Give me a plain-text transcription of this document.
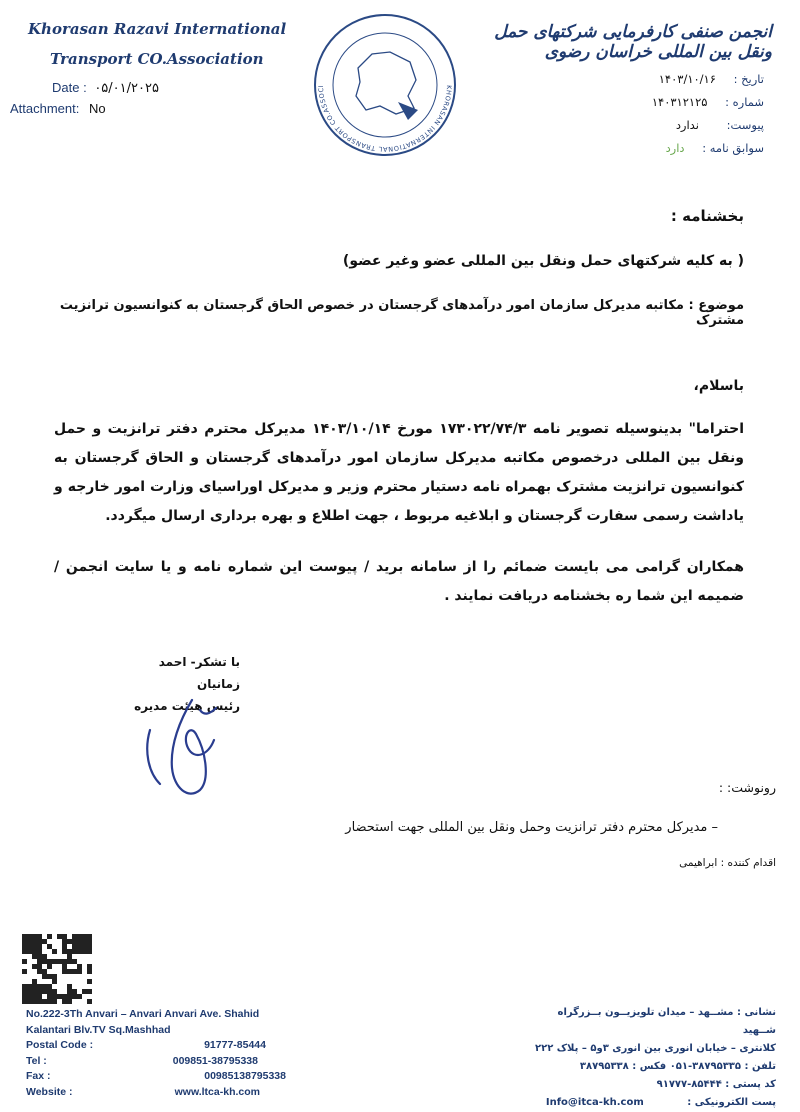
Khorasan Razavi International
Transport CO.Association
Date : ۰۵/۰۱/۲۰۲۵
Attachment: No
KHORASAN INTERNATIONAL TRANSPORT CO.ASSOCI
انجمن صنفی کارفرمایی شرکتهای حمل ونقل بین المللی خراسان رضوی
تاریخ : ۱۴۰۳/۱۰/۱۶
شماره : ۱۴۰۳۱۲۱۲۵
پیوست: ندارد
سوابق نامه : دارد
بخشنامه :
( به کلیه شرکتهای حمل ونقل بین المللی عضو وغیر عضو)
موضوع : مکاتبه مدیرکل سازمان امور درآمدهای گرجستان در خصوص الحاق گرجستان به کنوانسیون ترانزیت مشترک
باسلام،
احتراما" بدینوسیله تصویر نامه ۱۷۳۰۲۲/۷۴/۳ مورخ ۱۴۰۳/۱۰/۱۴ مدیرکل محترم دفتر ترانزیت و حمل ونقل بین المللی درخصوص مکاتبه مدیرکل سازمان امور درآمدهای گرجستان و الحاق گرجستان به کنوانسیون ترانزیت مشترک بهمراه نامه دستیار محترم وزیر و مدیرکل اوراسیای وزارت امور خارجه و یاداشت رسمی سفارت گرجستان و ابلاغیه مربوط ، جهت اطلاع و بهره برداری ارسال میگردد.
همکاران گرامی می بایست ضمائم را از سامانه برید / پیوست این شماره نامه و یا سایت انجمن / ضمیمه این شما ره بخشنامه دریافت نمایند .
با تشکر- احمد زمانیان
رئیس هیئت مدیره
رونوشت: :
– مدیرکل محترم دفتر ترانزیت وحمل ونقل بین المللی جهت استحضار
اقدام کننده : ابراهیمی
No.222-3Th Anvari – Anvari Anvari Ave. Shahid
Kalantari Blv.TV Sq.Mashhad
Postal Code :	91777-85444
Tel :	009851-38795338
Fax :	00985138795338
Website :	www.ltca-kh.com
نشانی : مشــهد – میدان تلویزیــون بــزرگراه شــهید
کلانتری – خیابان انوری بین انوری ۳و۵ – پلاک ۲۲۲
تلفن : ۳۸۷۹۵۳۳۵-۰۵۱ فکس : ۳۸۷۹۵۳۳۸
کد پستی : ۸۵۴۴۴-۹۱۷۷۷
پست الکترونیکی : Info@itca-kh.com
